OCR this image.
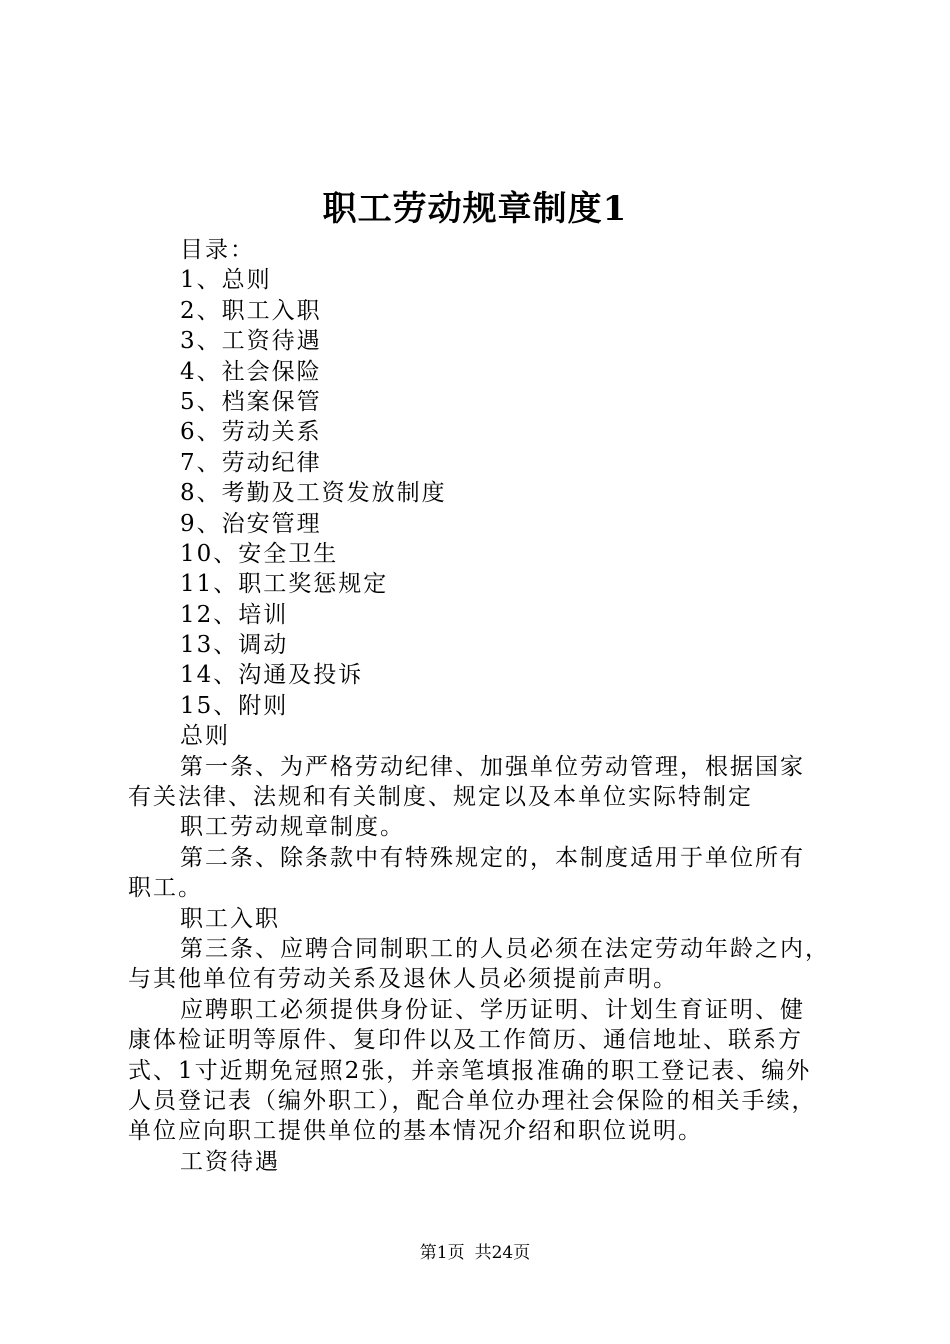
职工劳动规章制度1
目录：
1、总则
2、职工入职
3、工资待遇
4、社会保险
5、档案保管
6、劳动关系
7、劳动纪律
8、考勤及工资发放制度
9、治安管理
10、安全卫生
11、职工奖惩规定
12、培训
13、调动
14、沟通及投诉
15、附则
总则
第一条、为严格劳动纪律、加强单位劳动管理，根据国家
有关法律、法规和有关制度、规定以及本单位实际特制定
职工劳动规章制度。
第二条、除条款中有特殊规定的，本制度适用于单位所有
职工。
职工入职
第三条、应聘合同制职工的人员必须在法定劳动年龄之内，
与其他单位有劳动关系及退休人员必须提前声明。
应聘职工必须提供身份证、学历证明、计划生育证明、健
康体检证明等原件、复印件以及工作简历、通信地址、联系方
式、1寸近期免冠照2张，并亲笔填报准确的职工登记表、编外
人员登记表（编外职工），配合单位办理社会保险的相关手续，
单位应向职工提供单位的基本情况介绍和职位说明。
工资待遇
第1页 共24页
